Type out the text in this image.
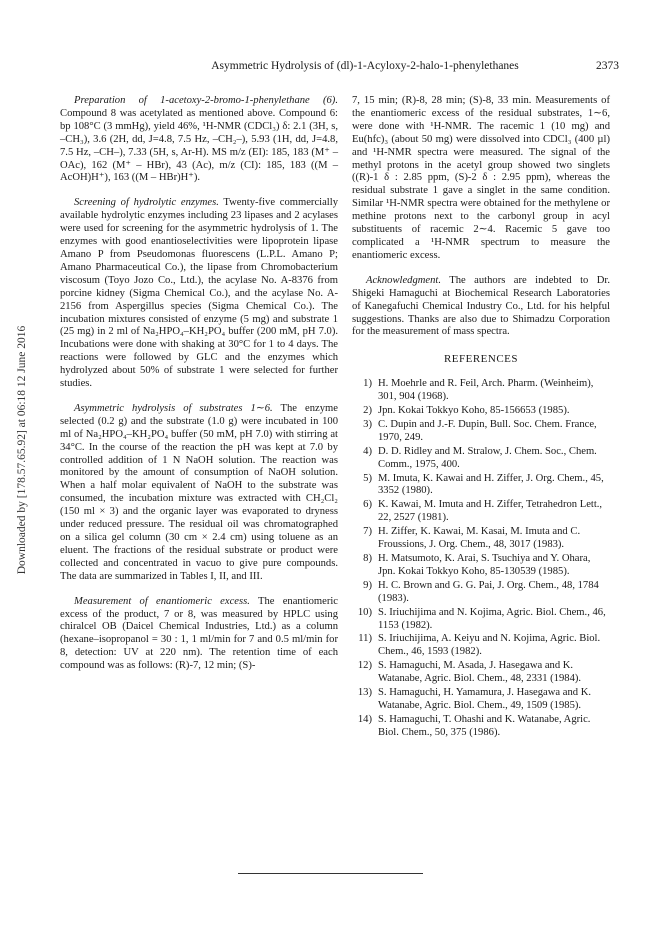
Asymmetric Hydrolysis of (dl)-1-Acyloxy-2-halo-1-phenylethanes	2373
Downloaded by [178.57.65.92] at 06:18 12 June 2016

Preparation of 1-acetoxy-2-bromo-1-phenylethane (6). Compound 8 was acetylated as mentioned above. Compound 6: bp 108°C (3 mmHg), yield 46%, ¹H-NMR (CDCl₃) δ: 2.1 (3H, s, –CH₃), 3.6 (2H, dd, J=4.8, 7.5 Hz, –CH₂–), 5.93 (1H, dd, J=4.8, 7.5 Hz, –CH–), 7.33 (5H, s, Ar-H). MS m/z (EI): 185, 183 (M⁺ – OAc), 162 (M⁺ – HBr), 43 (Ac), m/z (CI): 185, 183 ((M – AcOH)H⁺), 163 ((M – HBr)H⁺).

Screening of hydrolytic enzymes. Twenty-five commercially available hydrolytic enzymes including 23 lipases and 2 acylases were used for screening for the asymmetric hydrolysis of 1. The enzymes with good enantioselectivities were lipoprotein lipase Amano P from Pseudomonas fluorescens (L.P.L. Amano P; Amano Pharmaceutical Co.), the lipase from Chromobacterium viscosum (Toyo Jozo Co., Ltd.), the acylase No. A-8376 from porcine kidney (Sigma Chemical Co.), and the acylase No. A-2156 from Aspergillus species (Sigma Chemical Co.). The incubation mixtures consisted of enzyme (5 mg) and substrate 1 (25 mg) in 2 ml of Na₂HPO₄–KH₂PO₄ buffer (200 mM, pH 7.0). Incubations were done with shaking at 30°C for 1 to 4 days. The reactions were followed by GLC and the enzymes which hydrolyzed about 50% of substrate 1 were selected for further studies.

Asymmetric hydrolysis of substrates 1∼6. The enzyme selected (0.2 g) and the substrate (1.0 g) were incubated in 100 ml of Na₂HPO₄–KH₂PO₄ buffer (50 mM, pH 7.0) with stirring at 34°C. In the course of the reaction the pH was kept at 7.0 by controlled addition of 1 N NaOH solution. The reaction was monitored by the amount of consumption of NaOH solution. When a half molar equivalent of NaOH to the substrate was consumed, the incubation mixture was extracted with CH₂Cl₂ (150 ml × 3) and the organic layer was evaporated to dryness under reduced pressure. The residual oil was chromatographed on a silica gel column (30 cm × 2.4 cm) using toluene as an eluent. The fractions of the residual substrate or product were collected and concentrated in vacuo to give pure compounds. The data are summarized in Tables I, II, and III.

Measurement of enantiomeric excess. The enantiomeric excess of the product, 7 or 8, was measured by HPLC using chiralcel OB (Daicel Chemical Industries, Ltd.) as a column (hexane–isopropanol = 30 : 1, 1 ml/min for 7 and 0.5 ml/min for 8, detection: UV at 220 nm). The retention time of each compound was as follows: (R)-7, 12 min; (S)-

7, 15 min; (R)-8, 28 min; (S)-8, 33 min. Measurements of the enantiomeric excess of the residual substrates, 1∼6, were done with ¹H-NMR. The racemic 1 (10 mg) and Eu(hfc)₃ (about 50 mg) were dissolved into CDCl₃ (400 µl) and ¹H-NMR spectra were measured. The signal of the methyl protons in the acetyl group showed two singlets ((R)-1 δ : 2.85 ppm, (S)-2 δ : 2.95 ppm), whereas the residual substrate 1 gave a singlet in the same condition. Similar ¹H-NMR spectra were obtained for the methylene or methine protons next to the carbonyl group in acyl substituents of racemic 2∼4. Racemic 5 gave too complicated a ¹H-NMR spectrum to measure the enantiomeric excess.

Acknowledgment. The authors are indebted to Dr. Shigeki Hamaguchi at Biochemical Research Laboratories of Kanegafuchi Chemical Industry Co., Ltd. for his helpful suggestions. Thanks are also due to Shimadzu Corporation for the measurement of mass spectra.

REFERENCES
1) H. Moehrle and R. Feil, Arch. Pharm. (Weinheim), 301, 904 (1968).
2) Jpn. Kokai Tokkyo Koho, 85-156653 (1985).
3) C. Dupin and J.-F. Dupin, Bull. Soc. Chem. France, 1970, 249.
4) D. D. Ridley and M. Stralow, J. Chem. Soc., Chem. Comm., 1975, 400.
5) M. Imuta, K. Kawai and H. Ziffer, J. Org. Chem., 45, 3352 (1980).
6) K. Kawai, M. Imuta and H. Ziffer, Tetrahedron Lett., 22, 2527 (1981).
7) H. Ziffer, K. Kawai, M. Kasai, M. Imuta and C. Froussions, J. Org. Chem., 48, 3017 (1983).
8) H. Matsumoto, K. Arai, S. Tsuchiya and Y. Ohara, Jpn. Kokai Tokkyo Koho, 85-130539 (1985).
9) H. C. Brown and G. G. Pai, J. Org. Chem., 48, 1784 (1983).
10) S. Iriuchijima and N. Kojima, Agric. Biol. Chem., 46, 1153 (1982).
11) S. Iriuchijima, A. Keiyu and N. Kojima, Agric. Biol. Chem., 46, 1593 (1982).
12) S. Hamaguchi, M. Asada, J. Hasegawa and K. Watanabe, Agric. Biol. Chem., 48, 2331 (1984).
13) S. Hamaguchi, H. Yamamura, J. Hasegawa and K. Watanabe, Agric. Biol. Chem., 49, 1509 (1985).
14) S. Hamaguchi, T. Ohashi and K. Watanabe, Agric. Biol. Chem., 50, 375 (1986).
